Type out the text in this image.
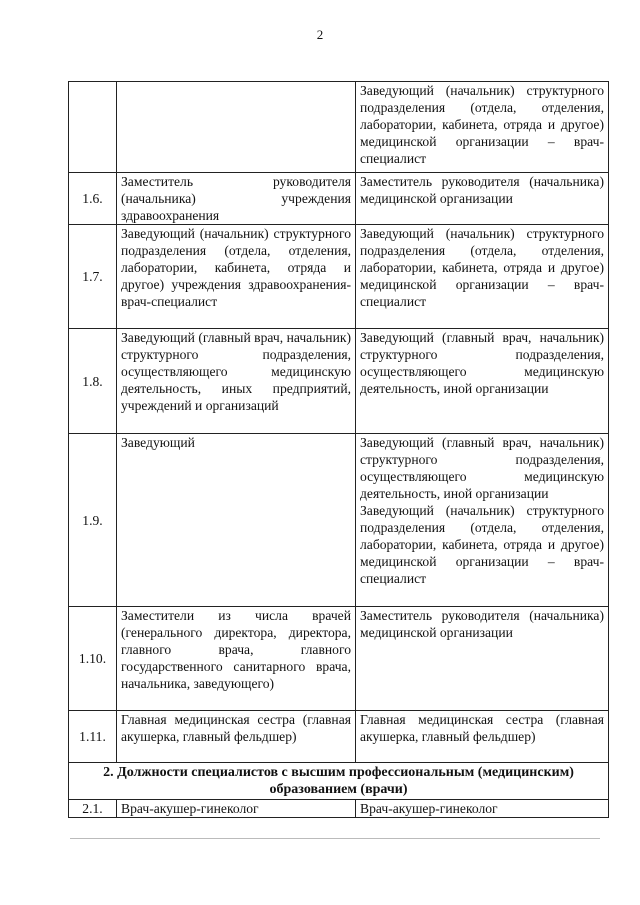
2

		Заведующий (начальник) структурного подразделения (отдела, отделения, лаборатории, кабинета, отряда и другое) медицинской организации – врач-специалист

1.6.	Заместитель руководителя (начальника) учреждения здравоохранения	Заместитель руководителя (начальника) медицинской организации

1.7.	Заведующий (начальник) структурного подразделения (отдела, отделения, лаборатории, кабинета, отряда и другое) учреждения здравоохранения-врач-специалист	Заведующий (начальник) структурного подразделения (отдела, отделения, лаборатории, кабинета, отряда и другое) медицинской организации – врач-специалист

1.8.	Заведующий (главный врач, начальник) структурного подразделения, осуществляющего медицинскую деятельность, иных предприятий, учреждений и организаций	Заведующий (главный врач, начальник) структурного подразделения, осуществляющего медицинскую деятельность, иной организации

1.9.	Заведующий	Заведующий (главный врач, начальник) структурного подразделения, осуществляющего медицинскую деятельность, иной организации
Заведующий (начальник) структурного подразделения (отдела, отделения, лаборатории, кабинета, отряда и другое) медицинской организации – врач-специалист

1.10.	Заместители из числа врачей (генерального директора, директора, главного врача, главного государственного санитарного врача, начальника, заведующего)	Заместитель руководителя (начальника) медицинской организации

1.11.	Главная медицинская сестра (главная акушерка, главный фельдшер)	Главная медицинская сестра (главная акушерка, главный фельдшер)

2. Должности специалистов с высшим профессиональным (медицинским) образованием (врачи)		
2.1.	Врач-акушер-гинеколог	Врач-акушер-гинеколог
